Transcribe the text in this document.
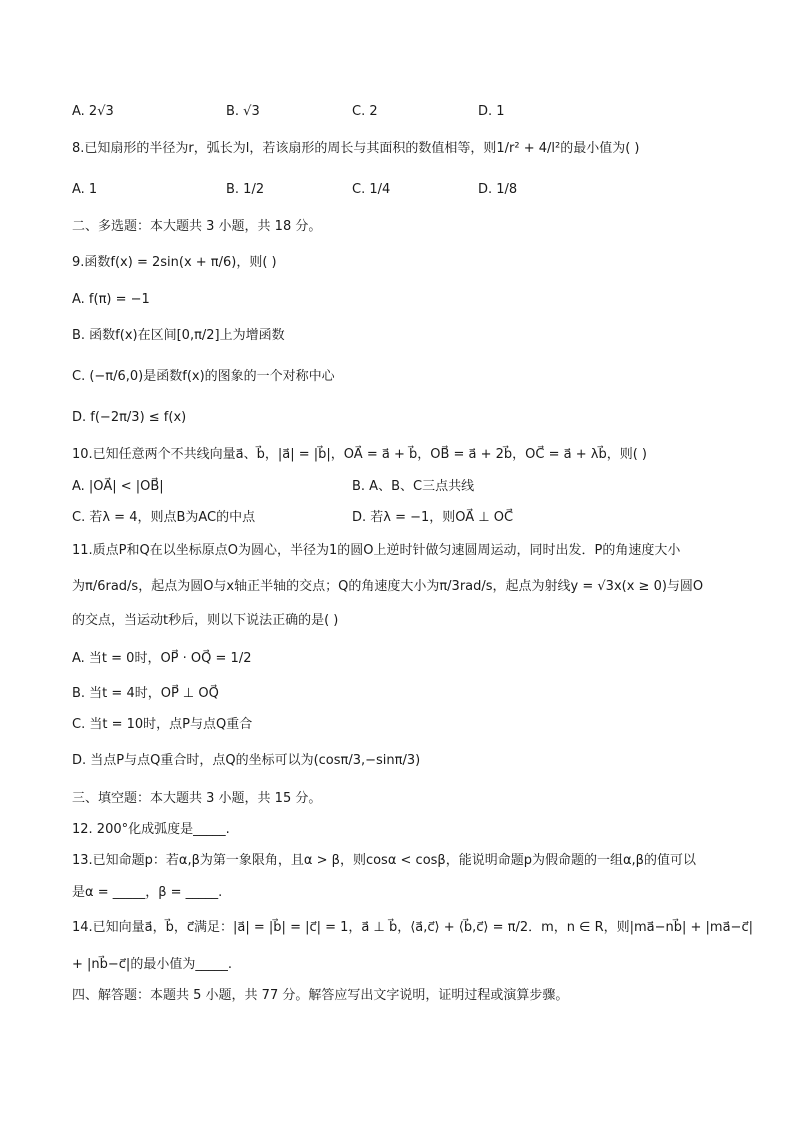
A. 2√3	B. √3	C. 2	D. 1
8.已知扇形的半径为r，弧长为l，若该扇形的周长与其面积的数值相等，则1/r² + 4/l²的最小值为( )
A. 1	B. 1/2	C. 1/4	D. 1/8
二、多选题：本大题共 3 小题，共 18 分。
9.函数f(x) = 2sin(x + π/6)，则( )
A. f(π) = −1
B. 函数f(x)在区间[0,π/2]上为增函数
C. (−π/6,0)是函数f(x)的图象的一个对称中心
D. f(−2π/3) ≤ f(x)
10.已知任意两个不共线向量a⃗、b⃗，|a⃗| = |b⃗|，OA⃗ = a⃗ + b⃗，OB⃗ = a⃗ + 2b⃗，OC⃗ = a⃗ + λb⃗，则( )
A. |OA⃗| < |OB⃗|	B. A、B、C三点共线
C. 若λ = 4，则点B为AC的中点	D. 若λ = −1，则OA⃗ ⊥ OC⃗
11.质点P和Q在以坐标原点O为圆心，半径为1的圆O上逆时针做匀速圆周运动，同时出发．P的角速度大小
为π/6rad/s，起点为圆O与x轴正半轴的交点；Q的角速度大小为π/3rad/s，起点为射线y = √3x(x ≥ 0)与圆O
的交点，当运动t秒后，则以下说法正确的是( )
A. 当t = 0时，OP⃗ · OQ⃗ = 1/2
B. 当t = 4时，OP⃗ ⊥ OQ⃗
C. 当t = 10时，点P与点Q重合
D. 当点P与点Q重合时，点Q的坐标可以为(cosπ/3,−sinπ/3)
三、填空题：本大题共 3 小题，共 15 分。
12. 200°化成弧度是_____.
13.已知命题p：若α,β为第一象限角，且α > β，则cosα < cosβ，能说明命题p为假命题的一组α,β的值可以
是α = _____，β = _____.
14.已知向量a⃗，b⃗，c⃗满足：|a⃗| = |b⃗| = |c⃗| = 1，a⃗ ⊥ b⃗，⟨a⃗,c⃗⟩ + ⟨b⃗,c⃗⟩ = π/2．m，n ∈ R，则|ma⃗−nb⃗| + |ma⃗−c⃗|
+ |nb⃗−c⃗|的最小值为_____.
四、解答题：本题共 5 小题，共 77 分。解答应写出文字说明，证明过程或演算步骤。
